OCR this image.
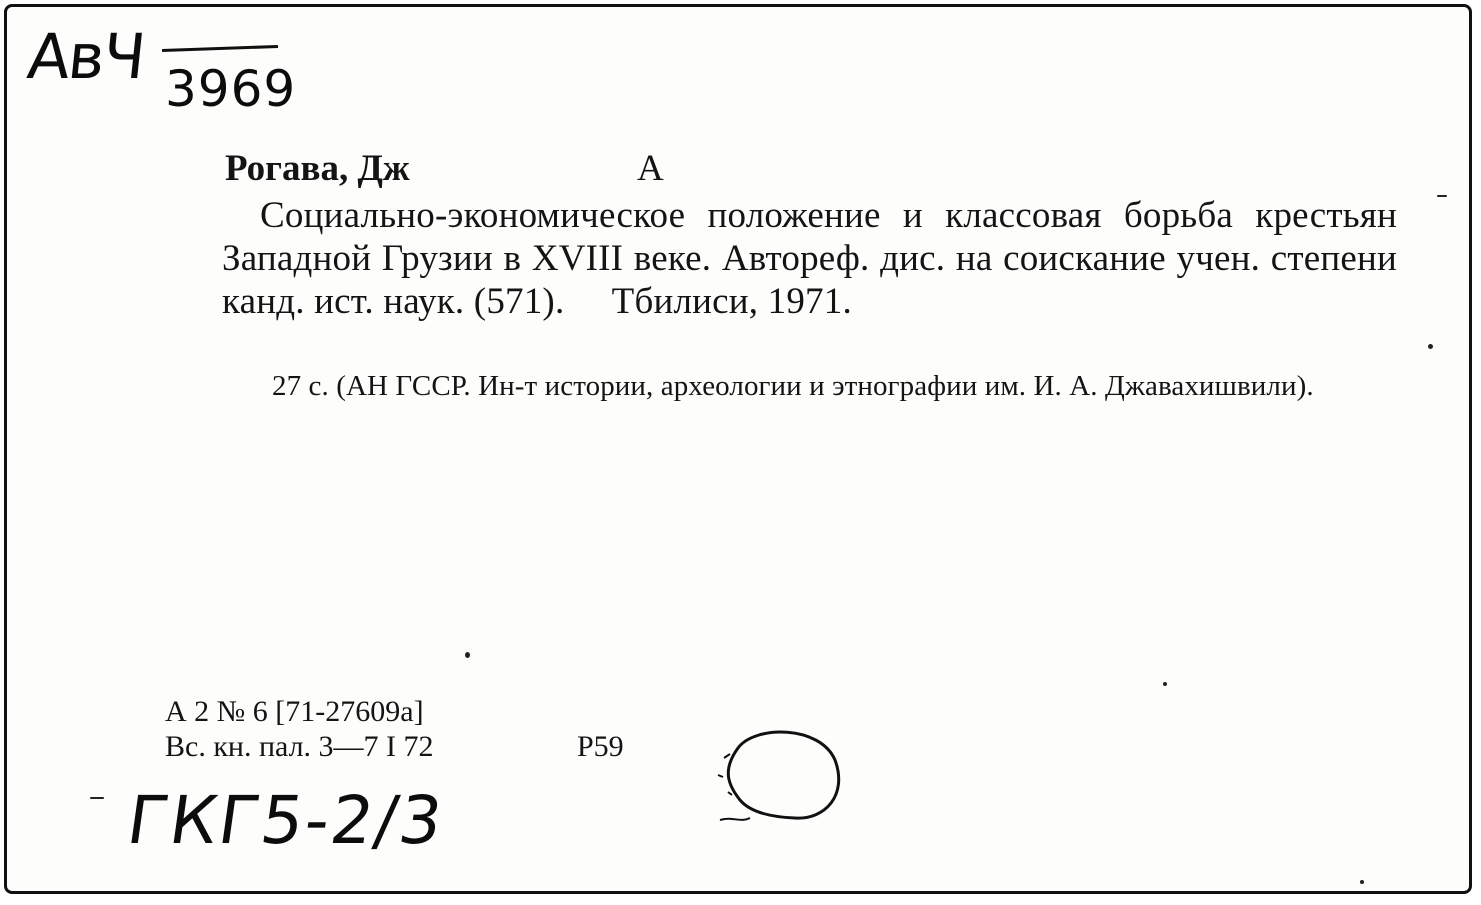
АвЧ 3969
Рогава, Дж	А
Социально-экономическое положение и классовая борьба крестьян Западной Грузии в XVIII веке. Автореф. дис. на соискание учен. степени канд. ист. наук. (571).     Тбилиси, 1971.
27 с. (АН ГССР. Ин-т истории, археологии и этнографии им. И. А. Джавахишвили).
А 2 № 6 [71-27609а]
Вс. кн. пал. 3—7 I 72	Р59
ГКГ5-2/3
